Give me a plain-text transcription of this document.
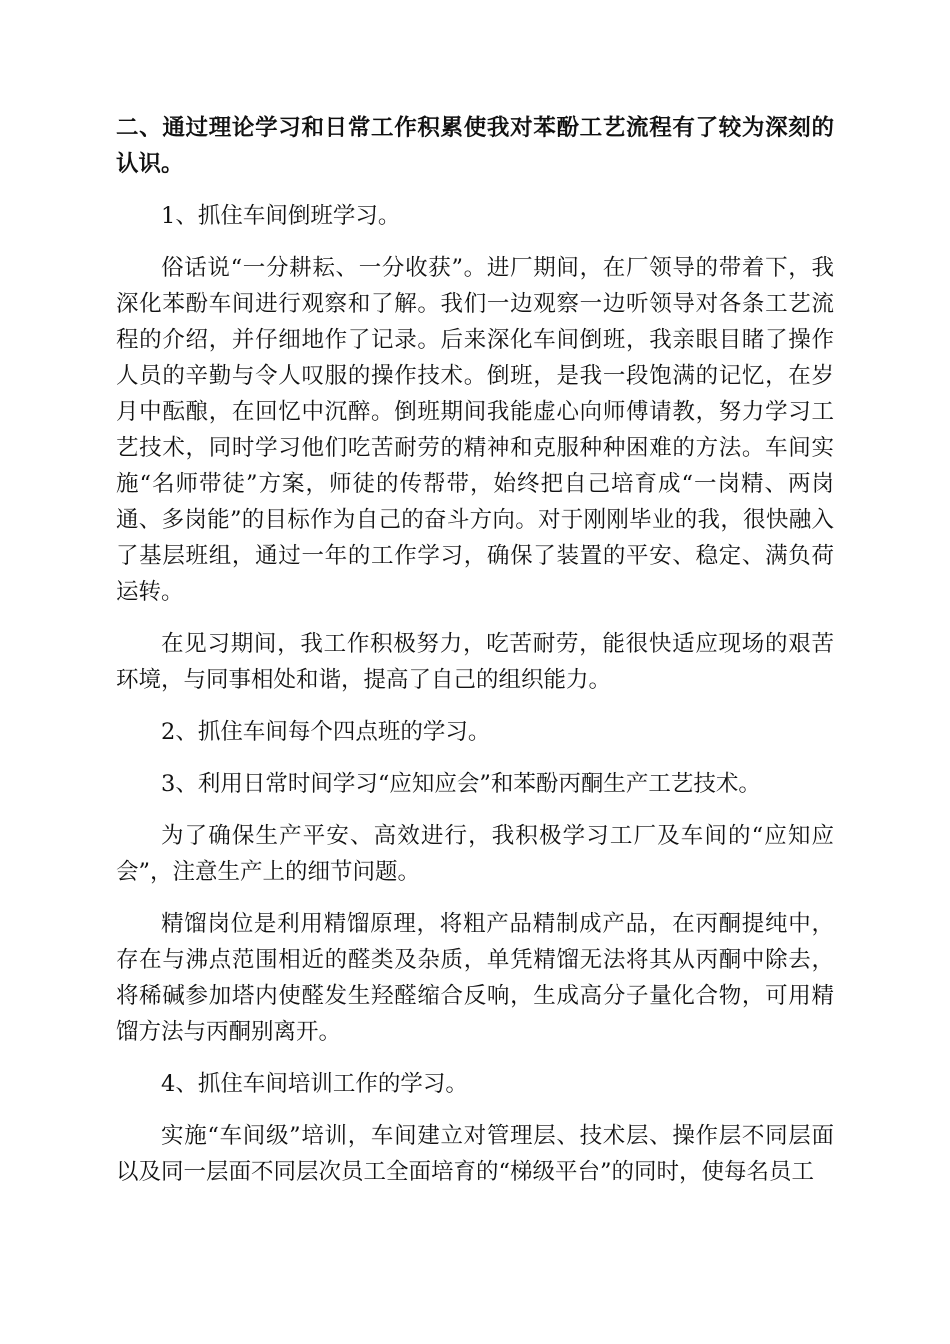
二、通过理论学习和日常工作积累使我对苯酚工艺流程有了较为深刻的认识。

1、抓住车间倒班学习。

俗话说“一分耕耘、一分收获”。进厂期间，在厂领导的带着下，我深化苯酚车间进行观察和了解。我们一边观察一边听领导对各条工艺流程的介绍，并仔细地作了记录。后来深化车间倒班，我亲眼目睹了操作人员的辛勤与令人叹服的操作技术。倒班，是我一段饱满的记忆，在岁月中酝酿，在回忆中沉醉。倒班期间我能虚心向师傅请教，努力学习工艺技术，同时学习他们吃苦耐劳的精神和克服种种困难的方法。车间实施“名师带徒”方案，师徒的传帮带，始终把自己培育成“一岗精、两岗通、多岗能”的目标作为自己的奋斗方向。对于刚刚毕业的我，很快融入了基层班组，通过一年的工作学习，确保了装置的平安、稳定、满负荷运转。

在见习期间，我工作积极努力，吃苦耐劳，能很快适应现场的艰苦环境，与同事相处和谐，提高了自己的组织能力。

2、抓住车间每个四点班的学习。

3、利用日常时间学习“应知应会”和苯酚丙酮生产工艺技术。

为了确保生产平安、高效进行，我积极学习工厂及车间的“应知应会”，注意生产上的细节问题。

精馏岗位是利用精馏原理，将粗产品精制成产品，在丙酮提纯中，存在与沸点范围相近的醛类及杂质，单凭精馏无法将其从丙酮中除去，将稀碱参加塔内使醛发生羟醛缩合反响，生成高分子量化合物，可用精馏方法与丙酮别离开。

4、抓住车间培训工作的学习。

实施“车间级”培训，车间建立对管理层、技术层、操作层不同层面以及同一层面不同层次员工全面培育的“梯级平台”的同时，使每名员工
